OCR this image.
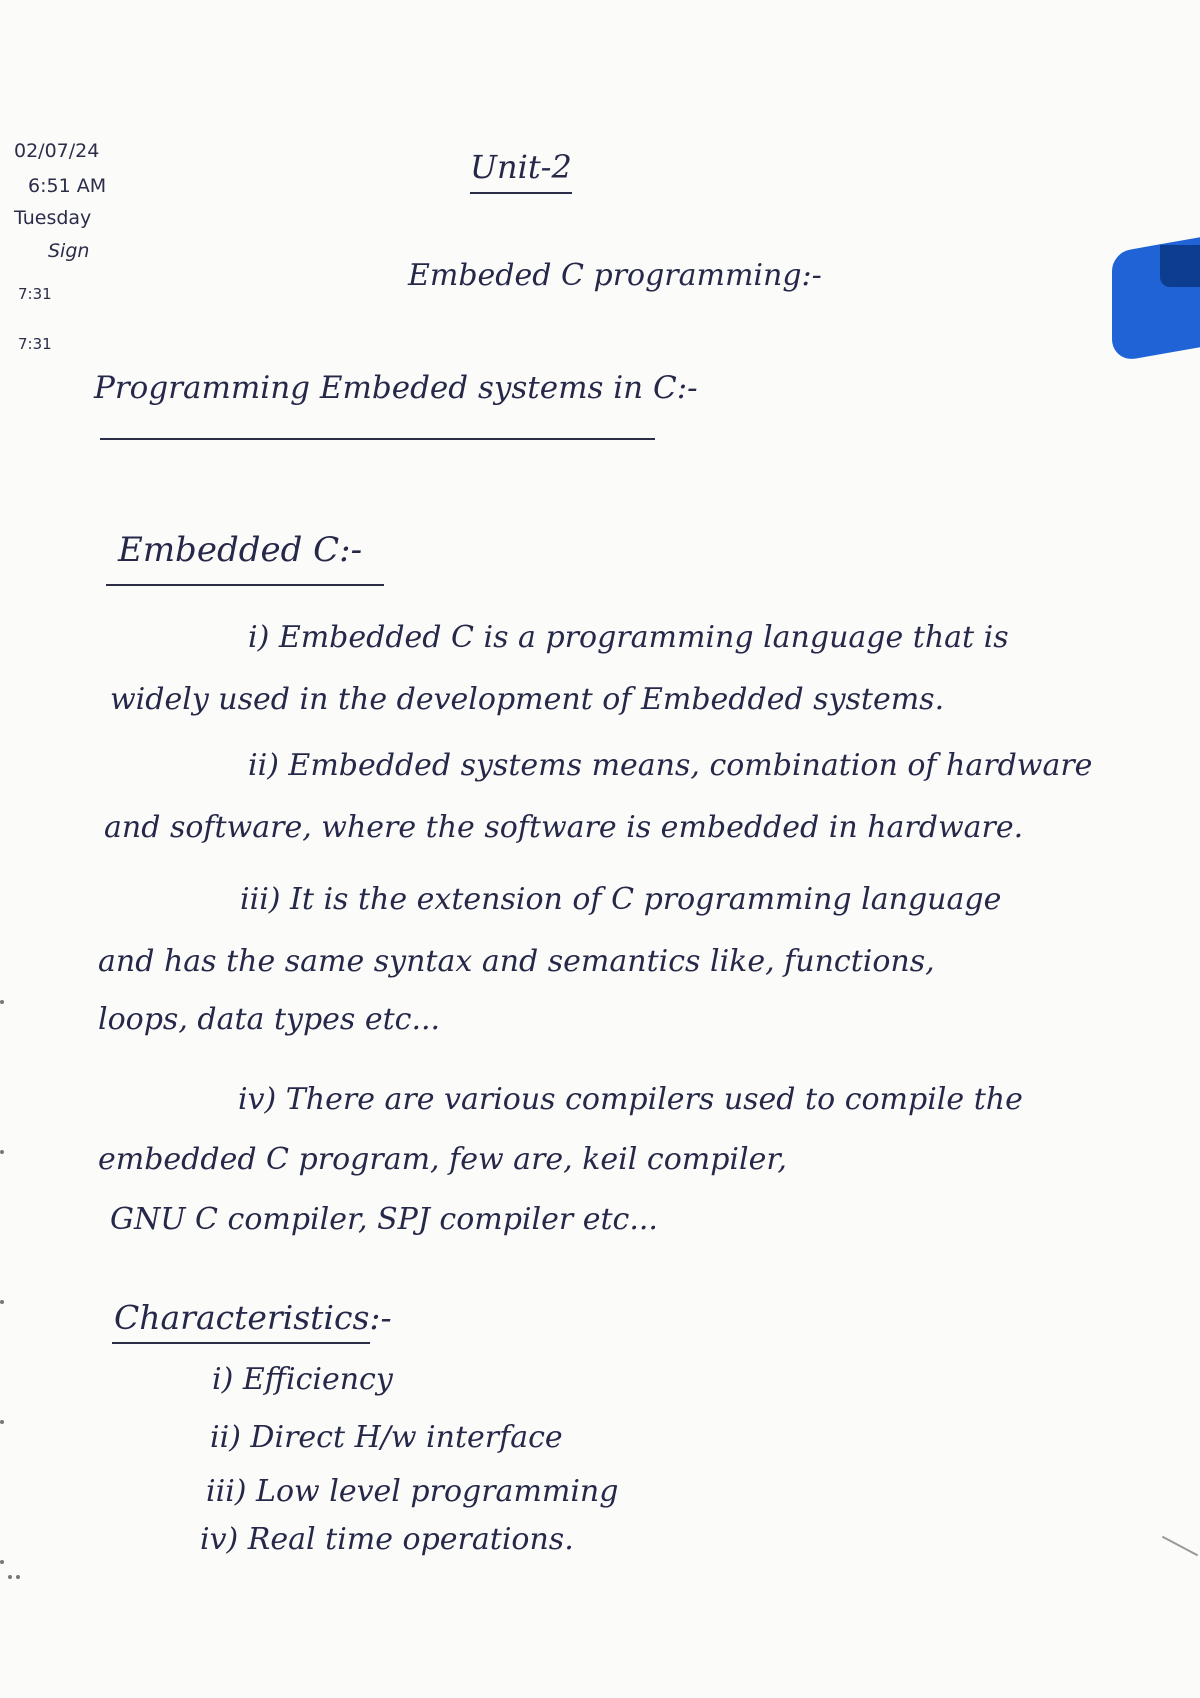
02/07/24
6:51 AM
Tuesday
Sign
7:31
7:31
Unit-2
Embeded C programming:-
Programming Embeded systems in C:-
Embedded C:-
i) Embedded C is a programming language that is
widely used in the development of Embedded systems.
ii) Embedded systems means, combination of hardware
and software, where the software is embedded in hardware.
iii) It is the extension of C programming language
and has the same syntax and semantics like, functions,
loops, data types etc...
iv) There are various compilers used to compile the
embedded C program, few are, keil compiler,
GNU C compiler, SPJ compiler etc...
Characteristics:-
i) Efficiency
ii) Direct H/w interface
iii) Low level programming
iv) Real time operations.
